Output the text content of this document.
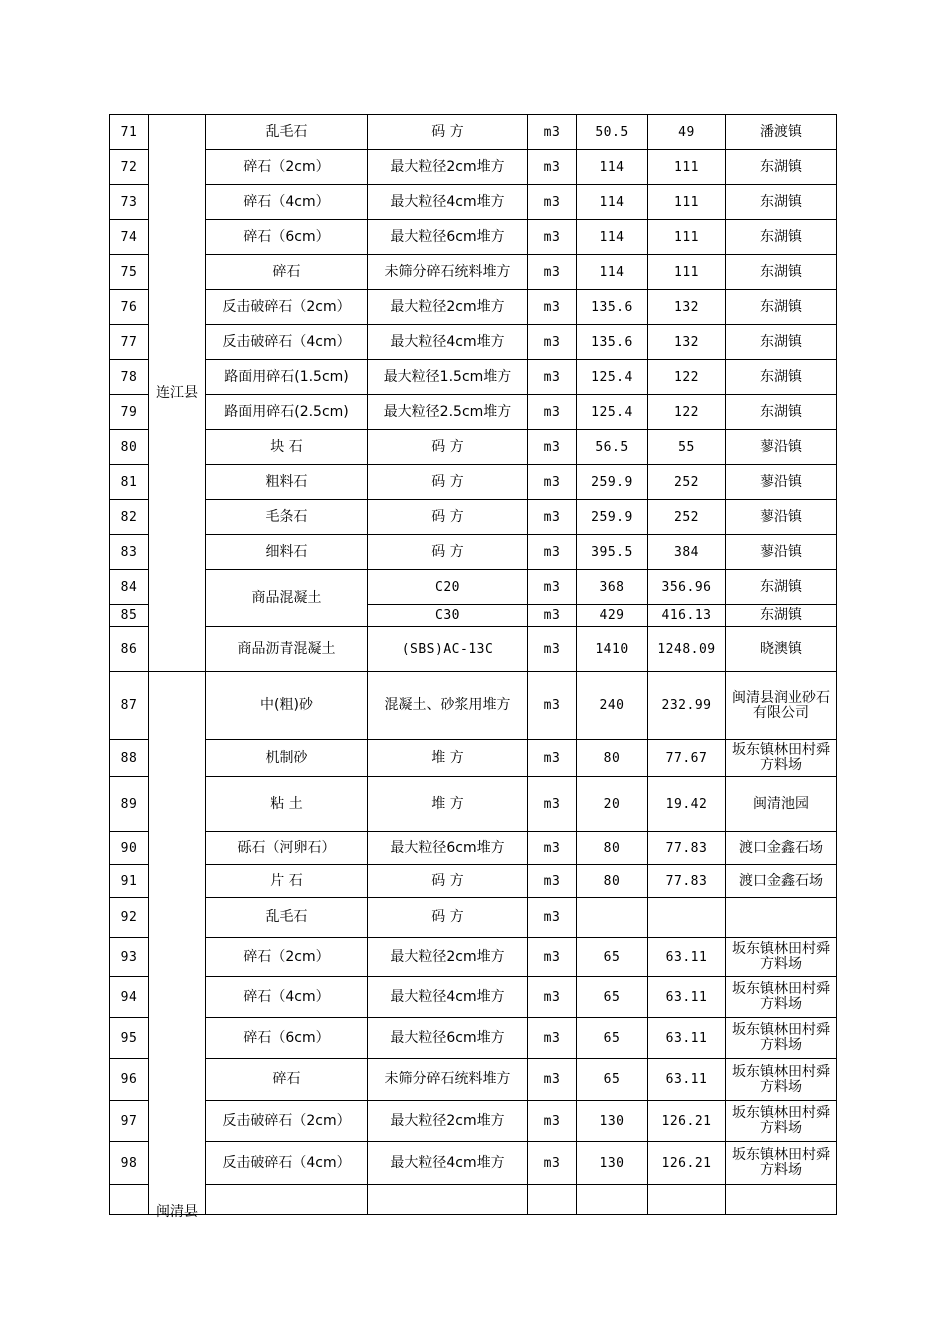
71	连江县	乱毛石	码 方	m3	50.5	49	潘渡镇
72		碎石（2cm）	最大粒径2cm堆方	m3	114	111	东湖镇
73		碎石（4cm）	最大粒径4cm堆方	m3	114	111	东湖镇
74		碎石（6cm）	最大粒径6cm堆方	m3	114	111	东湖镇
75		碎石	未筛分碎石统料堆方	m3	114	111	东湖镇
76		反击破碎石（2cm）	最大粒径2cm堆方	m3	135.6	132	东湖镇
77		反击破碎石（4cm）	最大粒径4cm堆方	m3	135.6	132	东湖镇
78		路面用碎石(1.5cm)	最大粒径1.5cm堆方	m3	125.4	122	东湖镇
79		路面用碎石(2.5cm)	最大粒径2.5cm堆方	m3	125.4	122	东湖镇
80		块 石	码 方	m3	56.5	55	蓼沿镇
81		粗料石	码 方	m3	259.9	252	蓼沿镇
82		毛条石	码 方	m3	259.9	252	蓼沿镇
83		细料石	码 方	m3	395.5	384	蓼沿镇
84		商品混凝土	C20	m3	368	356.96	东湖镇
85			C30	m3	429	416.13	东湖镇
86		商品沥青混凝土	(SBS)AC-13C	m3	1410	1248.09	晓澳镇
87	闽清县	中(粗)砂	混凝土、砂浆用堆方	m3	240	232.99	闽清县润业砂石有限公司
88		机制砂	堆 方	m3	80	77.67	坂东镇林田村舜方料场
89		粘 土	堆 方	m3	20	19.42	闽清池园
90		砾石（河卵石）	最大粒径6cm堆方	m3	80	77.83	渡口金鑫石场
91		片 石	码 方	m3	80	77.83	渡口金鑫石场
92		乱毛石	码 方	m3			
93		碎石（2cm）	最大粒径2cm堆方	m3	65	63.11	坂东镇林田村舜方料场
94		碎石（4cm）	最大粒径4cm堆方	m3	65	63.11	坂东镇林田村舜方料场
95		碎石（6cm）	最大粒径6cm堆方	m3	65	63.11	坂东镇林田村舜方料场
96		碎石	未筛分碎石统料堆方	m3	65	63.11	坂东镇林田村舜方料场
97		反击破碎石（2cm）	最大粒径2cm堆方	m3	130	126.21	坂东镇林田村舜方料场
98		反击破碎石（4cm）	最大粒径4cm堆方	m3	130	126.21	坂东镇林田村舜方料场
